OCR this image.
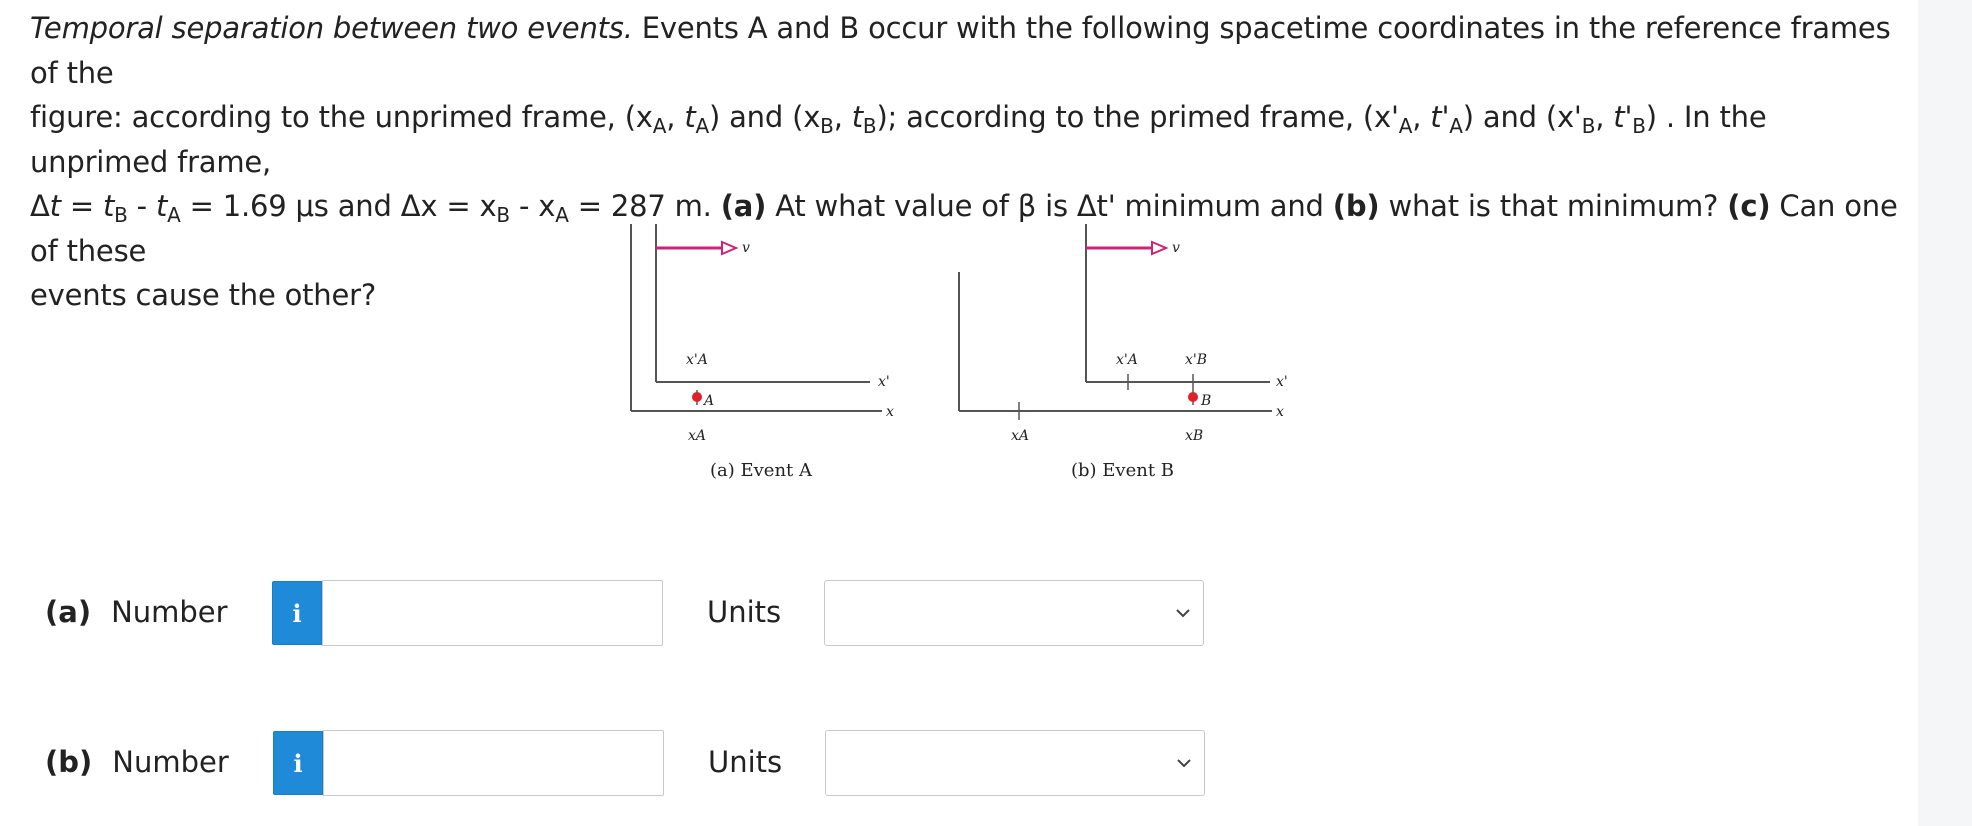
Temporal separation between two events. Events A and B occur with the following spacetime coordinates in the reference frames of the
figure: according to the unprimed frame, ($x_A$, $t_A$) and ($x_B$, $t_B$); according to the primed frame, ($x'_A$, $t'_A$) and ($x'_B$, $t'_B$) . In the unprimed frame,
$\Delta t = t_B - t_A = 1.69$ μs and $\Delta x = x_B - x_A = 287$ m. (a) At what value of β is Δt' minimum and (b) what is that minimum? (c) Can one of these
events cause the other?
v
A
x'A
xA
x'
x
(a) Event A
v
xA
x'A
B
x'B
xB
x'
x
(b) Event B
(a) Number	i	Units
(b) Number	i	Units
